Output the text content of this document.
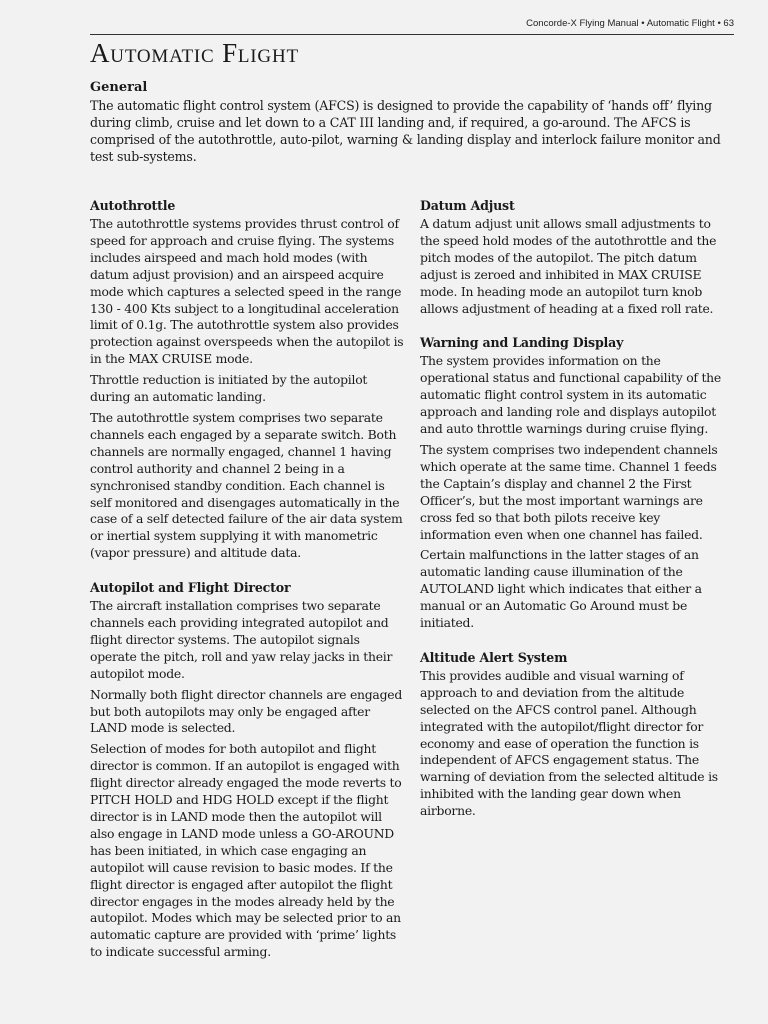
Concorde-X Flying Manual • Automatic Flight • 63
Automatic Flight
General

The automatic flight control system (AFCS) is designed to provide the capability of ‘hands off’ flying during climb, cruise and let down to a CAT III landing and, if required, a go-around. The AFCS is comprised of the autothrottle, auto-pilot, warning & landing display and interlock failure monitor and test sub-systems.

Autothrottle

The autothrottle systems provides thrust control of speed for approach and cruise flying. The systems includes airspeed and mach hold modes (with datum adjust provision) and an airspeed acquire mode which captures a selected speed in the range 130 - 400 Kts subject to a longitudinal acceleration limit of 0.1g. The autothrottle system also provides protection against overspeeds when the autopilot is in the MAX CRUISE mode.

Throttle reduction is initiated by the autopilot during an automatic landing.

The autothrottle system comprises two separate channels each engaged by a separate switch. Both channels are normally engaged, channel 1 having control authority and channel 2 being in a synchronised standby condition. Each channel is self monitored and disengages automatically in the case of a self detected failure of the air data system or inertial system supplying it with manometric (vapor pressure) and altitude data.

Autopilot and Flight Director

The aircraft installation comprises two separate channels each providing integrated autopilot and flight director systems. The autopilot signals operate the pitch, roll and yaw relay jacks in their autopilot mode.

Normally both flight director channels are engaged but both autopilots may only be engaged after LAND mode is selected.

Selection of modes for both autopilot and flight director is common. If an autopilot is engaged with flight director already engaged the mode reverts to PITCH HOLD and HDG HOLD except if the flight director is in LAND mode then the autopilot will also engage in LAND mode unless a GO-AROUND has been initiated, in which case engaging an autopilot will cause revision to basic modes. If the flight director is engaged after autopilot the flight director engages in the modes already held by the autopilot. Modes which may be selected prior to an automatic capture are provided with ‘prime’ lights to indicate successful arming.

Datum Adjust

A datum adjust unit allows small adjustments to the speed hold modes of the autothrottle and the pitch modes of the autopilot. The pitch datum adjust is zeroed and inhibited in MAX CRUISE mode. In heading mode an autopilot turn knob allows adjustment of heading at a fixed roll rate.

Warning and Landing Display

The system provides information on the operational status and functional capability of the automatic flight control system in its automatic approach and landing role and displays autopilot and auto throttle warnings during cruise flying.

The system comprises two independent channels which operate at the same time. Channel 1 feeds the Captain’s display and channel 2 the First Officer’s, but the most important warnings are cross fed so that both pilots receive key information even when one channel has failed.

Certain malfunctions in the latter stages of an automatic landing cause illumination of the AUTOLAND light which indicates that either a manual or an Automatic Go Around must be initiated.

Altitude Alert System

This provides audible and visual warning of approach to and deviation from the altitude selected on the AFCS control panel. Although integrated with the autopilot/flight director for economy and ease of operation the function is independent of AFCS engagement status. The warning of deviation from the selected altitude is inhibited with the landing gear down when airborne.
